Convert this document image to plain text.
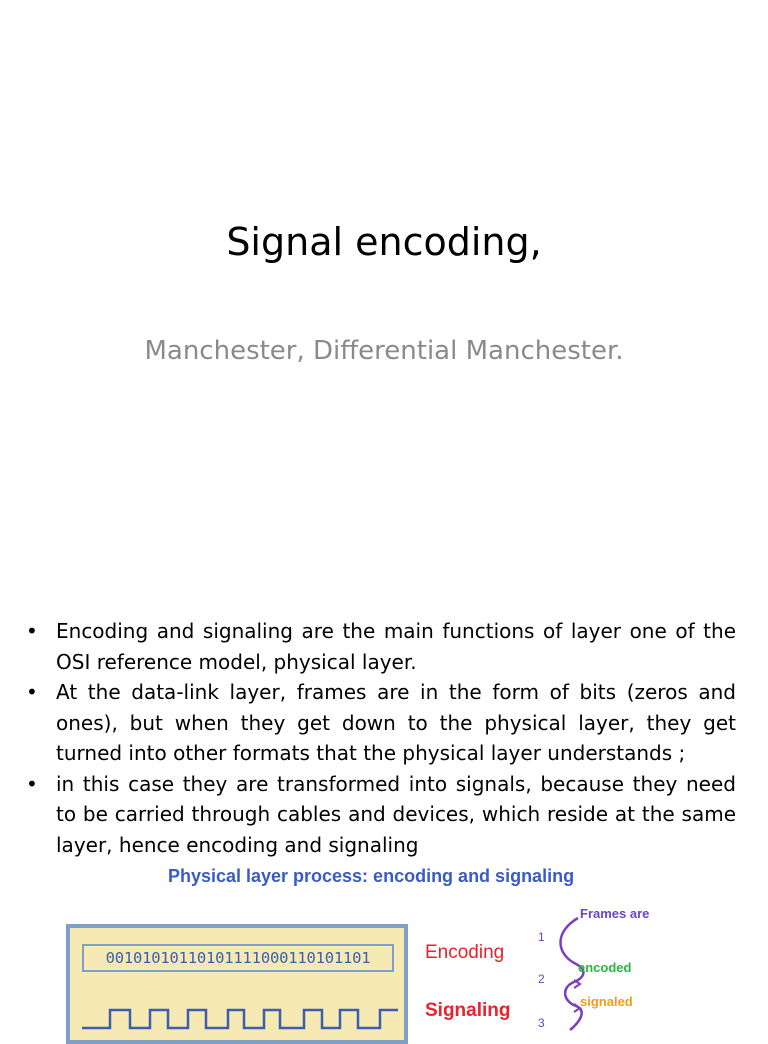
Signal encoding,
Manchester, Differential Manchester.
• Encoding and signaling are the main functions of layer one of the OSI reference model, physical layer.
• At the data-link layer, frames are in the form of bits (zeros and ones), but when they get down to the physical layer, they get turned into other formats that the physical layer understands ;
• in this case they are transformed into signals, because they need to be carried through cables and devices, which reside at the same layer, hence encoding and signaling
Physical layer process: encoding and signaling
00101010110101111000110101101	Encoding
Signaling
Frames are
encoded
signaled
1
2
3
